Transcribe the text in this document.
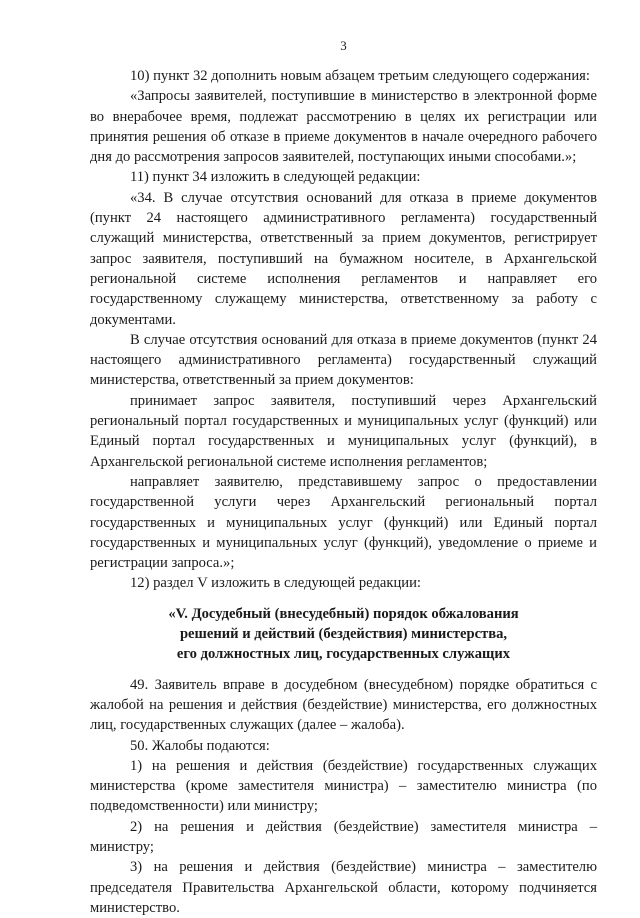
3

10) пункт 32 дополнить новым абзацем третьим следующего содержания:

«Запросы заявителей, поступившие в министерство в электронной форме во внерабочее время, подлежат рассмотрению в целях их регистрации или принятия решения об отказе в приеме документов в начале очередного рабочего дня до рассмотрения запросов заявителей, поступающих иными способами.»;

11) пункт 34 изложить в следующей редакции:

«34. В случае отсутствия оснований для отказа в приеме документов (пункт 24 настоящего административного регламента) государственный служащий министерства, ответственный за прием документов, регистрирует запрос заявителя, поступивший на бумажном носителе, в Архангельской региональной системе исполнения регламентов и направляет его государственному служащему министерства, ответственному за работу с документами.

В случае отсутствия оснований для отказа в приеме документов (пункт 24 настоящего административного регламента) государственный служащий министерства, ответственный за прием документов:

принимает запрос заявителя, поступивший через Архангельский региональный портал государственных и муниципальных услуг (функций) или Единый портал государственных и муниципальных услуг (функций), в Архангельской региональной системе исполнения регламентов;

направляет заявителю, представившему запрос о предоставлении государственной услуги через Архангельский региональный портал государственных и муниципальных услуг (функций) или Единый портал государственных и муниципальных услуг (функций), уведомление о приеме и регистрации запроса.»;

12) раздел V изложить в следующей редакции:

«V. Досудебный (внесудебный) порядок обжалования
решений и действий (бездействия) министерства,
его должностных лиц, государственных служащих

49. Заявитель вправе в досудебном (внесудебном) порядке обратиться с жалобой на решения и действия (бездействие) министерства, его должностных лиц, государственных служащих (далее – жалоба).

50. Жалобы подаются:

1) на решения и действия (бездействие) государственных служащих министерства (кроме заместителя министра) – заместителю министра (по подведомственности) или министру;

2) на решения и действия (бездействие) заместителя министра – министру;

3) на решения и действия (бездействие) министра – заместителю председателя Правительства Архангельской области, которому подчиняется министерство.
